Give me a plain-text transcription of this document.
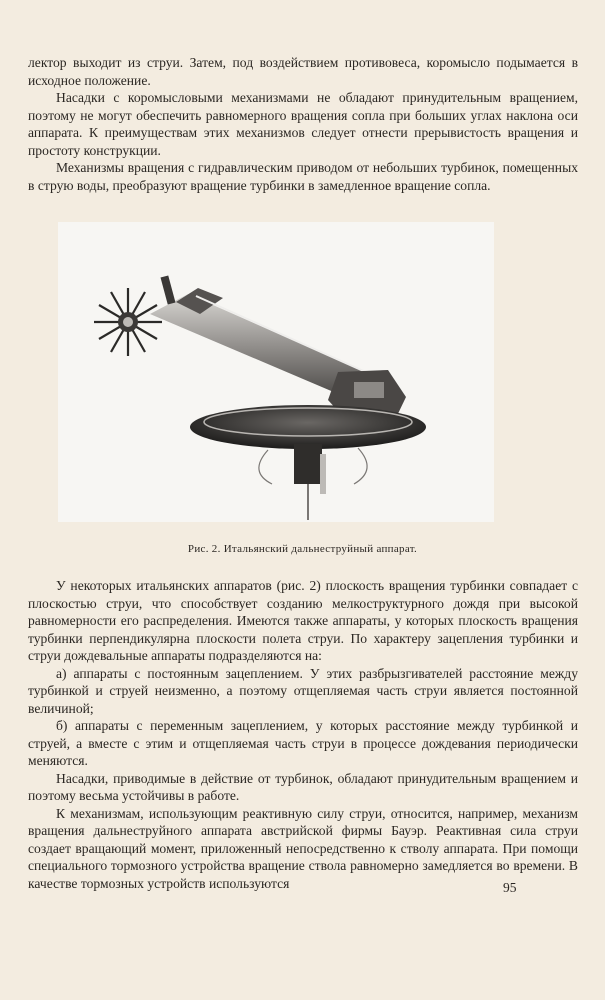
лектор выходит из струи. Затем, под воздействием противовеса, коромысло подымается в исходное положение.

Насадки с коромысловыми механизмами не обладают принудительным вращением, поэтому не могут обеспечить равномерного вращения сопла при больших углах наклона оси аппарата. К преимуществам этих механизмов следует отнести прерывистость вращения и простоту конструкции.

Механизмы вращения с гидравлическим приводом от небольших турбинок, помещенных в струю воды, преобразуют вращение турбинки в замедленное вращение сопла.

Рис. 2. Итальянский дальнеструйный аппарат.

У некоторых итальянских аппаратов (рис. 2) плоскость вращения турбинки совпадает с плоскостью струи, что способствует созданию мелкоструктурного дождя при высокой равномерности его распределения. Имеются также аппараты, у которых плоскость вращения турбинки перпендикулярна плоскости полета струи. По характеру зацепления турбинки и струи дождевальные аппараты подразделяются на:

а) аппараты с постоянным зацеплением. У этих разбрызгивателей расстояние между турбинкой и струей неизменно, а поэтому отщепляемая часть струи является постоянной величиной;

б) аппараты с переменным зацеплением, у которых расстояние между турбинкой и струей, а вместе с этим и отщепляемая часть струи в процессе дождевания периодически меняются.

Насадки, приводимые в действие от турбинок, обладают принудительным вращением и поэтому весьма устойчивы в работе.

К механизмам, использующим реактивную силу струи, относится, например, механизм вращения дальнеструйного аппарата австрийской фирмы Бауэр. Реактивная сила струи создает вращающий момент, приложенный непосредственно к стволу аппарата. При помощи специального тормозного устройства вращение ствола равномерно замедляется во времени. В качестве тормозных устройств используются	95
